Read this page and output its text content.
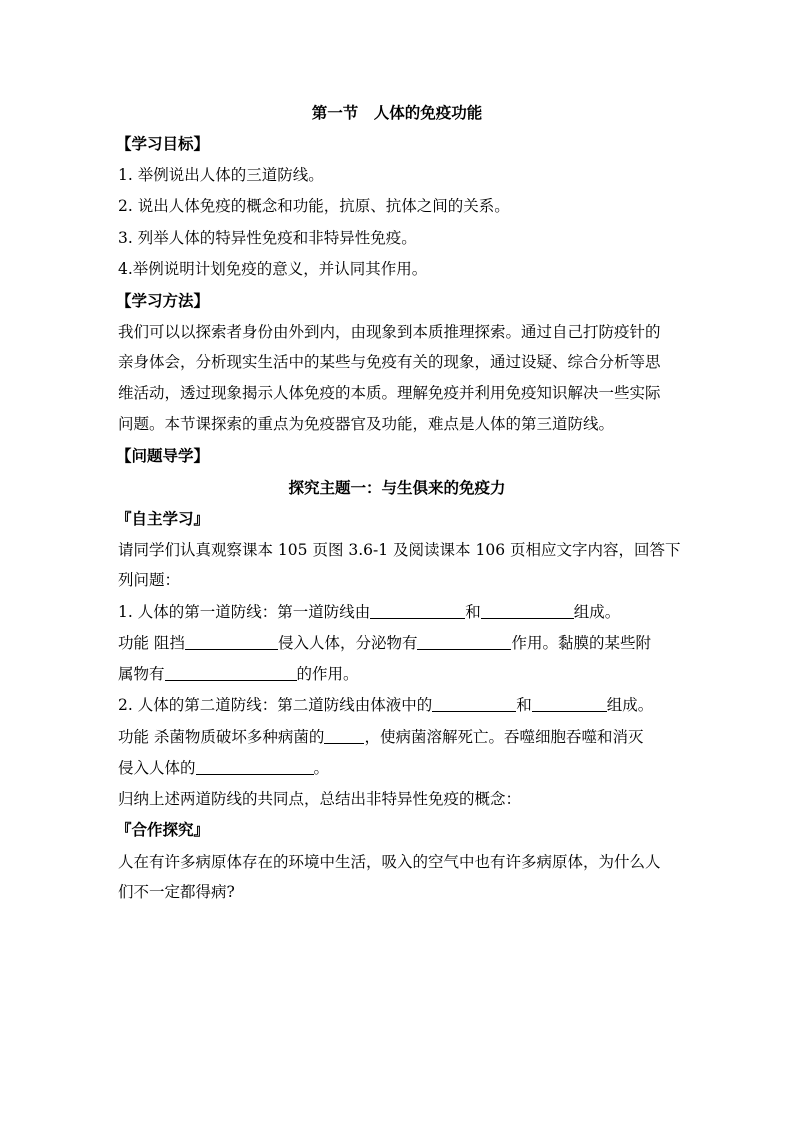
第一节　人体的免疫功能
【学习目标】
1. 举例说出人体的三道防线。
2. 说出人体免疫的概念和功能，抗原、抗体之间的关系。
3. 列举人体的特异性免疫和非特异性免疫。
4.举例说明计划免疫的意义，并认同其作用。
【学习方法】
我们可以以探索者身份由外到内，由现象到本质推理探索。通过自己打防疫针的
亲身体会，分析现实生活中的某些与免疫有关的现象，通过设疑、综合分析等思
维活动，透过现象揭示人体免疫的本质。理解免疫并利用免疫知识解决一些实际
问题。本节课探索的重点为免疫器官及功能，难点是人体的第三道防线。
【问题导学】
探究主题一：与生俱来的免疫力
『自主学习』
请同学们认真观察课本 105 页图 3.6-1 及阅读课本 106 页相应文字内容，回答下
列问题：
1. 人体的第一道防线：第一道防线由	和	组成。
功能 阻挡	侵入人体，分泌物有	作用。黏膜的某些附
属物有	的作用。
2. 人体的第二道防线：第二道防线由体液中的	和	组成。
功能 杀菌物质破坏多种病菌的	，使病菌溶解死亡。吞噬细胞吞噬和消灭
侵入人体的	。
归纳上述两道防线的共同点，总结出非特异性免疫的概念：
『合作探究』
人在有许多病原体存在的环境中生活，吸入的空气中也有许多病原体，为什么人
们不一定都得病?
